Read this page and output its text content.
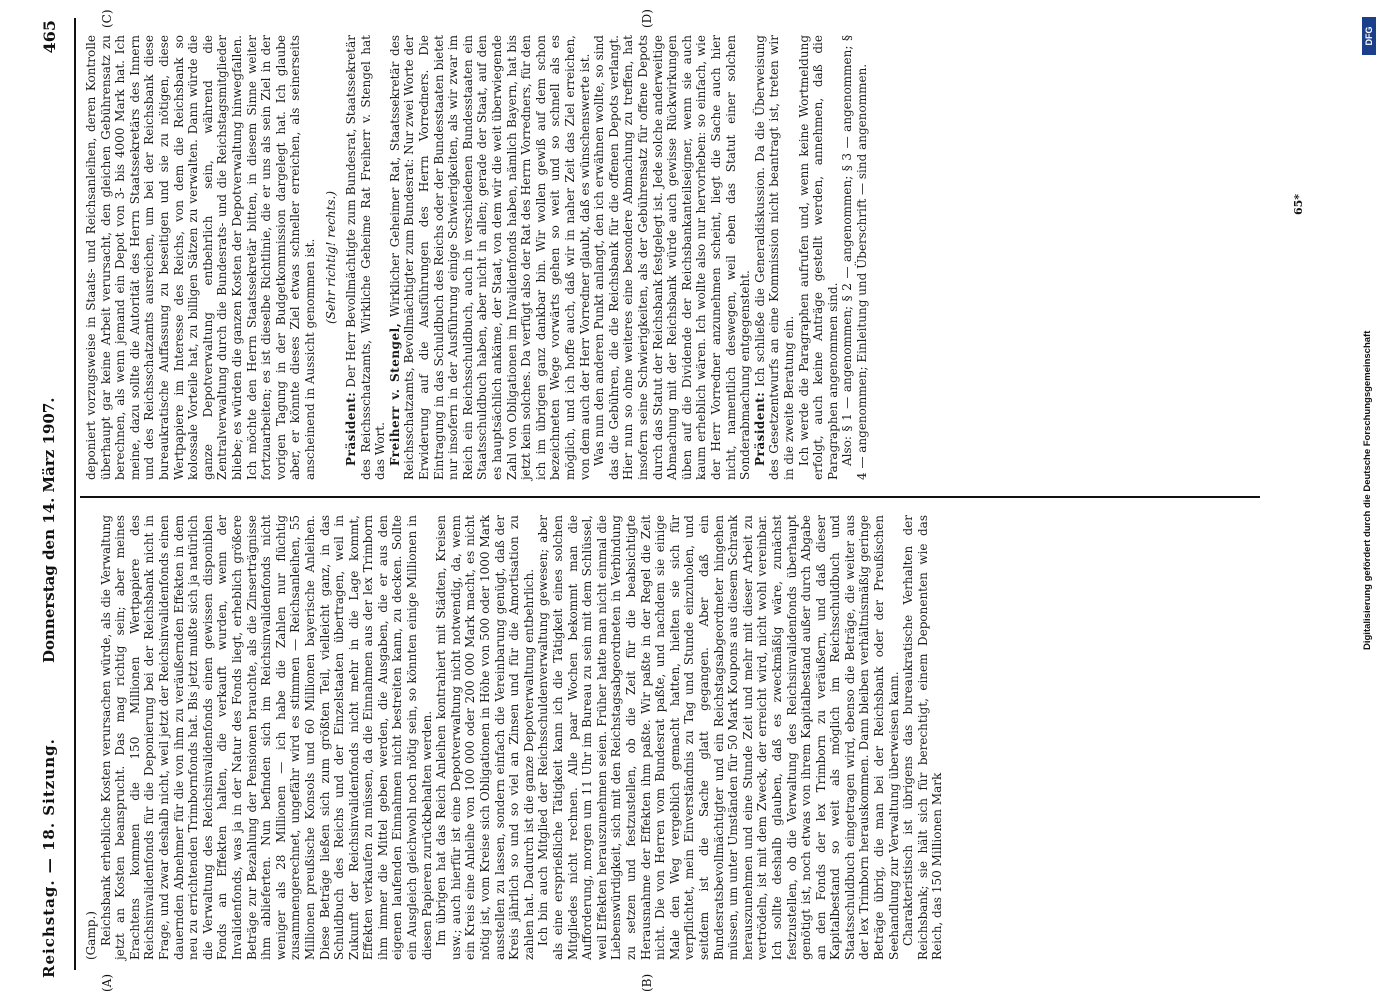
Reichstag. — 18. Sitzung.
Donnerstag den 14. März 1907.
465
(A)	(B)
(C)	(D)

(Gamp.) Reichsbank erhebliche Kosten verursachen würde, als die Verwaltung jetzt an Kosten beansprucht. Das mag richtig sein; aber meines Erachtens kommen die 150 Millionen Wertpapiere des Reichsinvalidenfonds für die Deponierung bei der Reichsbank nicht in Frage, und zwar deshalb nicht, weil jetzt der Reichsinvalidenfonds einen dauernden Abnehmer für die von ihm zu veräußernden Effekten in dem neu zu errichtenden Trimbornfonds hat. Bis jetzt mußte sich ja natürlich die Verwaltung des Reichsinvalidenfonds einen gewissen disponiblen Fonds an Effekten halten, die verkauft wurden, wenn der Invalidenfonds, was ja in der Natur des Fonds liegt, erheblich größere Beträge zur Bezahlung der Pensionen brauchte, als die Zinserträgnisse ihm ablieferten. Nun befinden sich im Reichsinvalidenfonds nicht weniger als 28 Millionen — ich habe die Zahlen nur flüchtig zusammengerechnet, ungefähr wird es stimmen — Reichsanleihen, 55 Millionen preußische Konsols und 60 Millionen bayerische Anleihen. Diese Beträge ließen sich zum größten Teil, vielleicht ganz, in das Schuldbuch des Reichs und der Einzelstaaten übertragen, weil in Zukunft der Reichsinvalidenfonds nicht mehr in die Lage kommt, Effekten verkaufen zu müssen, da die Einnahmen aus der lex Trimborn ihm immer die Mittel geben werden, die Ausgaben, die er aus den eigenen laufenden Einnahmen nicht bestreiten kann, zu decken. Sollte ein Ausgleich gleichwohl noch nötig sein, so könnten einige Millionen in diesen Papieren zurückbehalten werden. Im übrigen hat das Reich Anleihen kontrahiert mit Städten, Kreisen usw.; auch hierfür ist eine Depotverwaltung nicht notwendig, da, wenn ein Kreis eine Anleihe von 100 000 oder 200 000 Mark macht, es nicht nötig ist, vom Kreise sich Obligationen in Höhe von 500 oder 1000 Mark ausstellen zu lassen, sondern einfach die Vereinbarung genügt, daß der Kreis jährlich so und so viel an Zinsen und für die Amortisation zu zahlen hat. Dadurch ist die ganze Depotverwaltung entbehrlich. Ich bin auch Mitglied der Reichsschuldenverwaltung gewesen; aber als eine ersprießliche Tätigkeit kann ich die Tätigkeit eines solchen Mitgliedes nicht rechnen. Alle paar Wochen bekommt man die Aufforderung, morgen um 11 Uhr im Bureau zu sein mit dem Schlüssel, weil Effekten herauszunehmen seien. Früher hatte man nicht einmal die Liebenswürdigkeit, sich mit den Reichstagsabgeordneten in Verbindung zu setzen und festzustellen, ob die Zeit für die beabsichtigte Herausnahme der Effekten ihm paßte. Wir paßte in der Regel die Zeit nicht. Die von Herren vom Bundesrat paßte, und nachdem sie einige Male den Weg vergeblich gemacht hatten, hielten sie sich für verpflichtet, mein Einverständnis zu Tag und Stunde einzuholen, und seitdem ist die Sache glatt gegangen. Aber daß ein Bundesratsbevollmächtigter und ein Reichstagsabgeordneter hingehen müssen, um unter Umständen für 50 Mark Koupons aus diesem Schrank herauszunehmen und eine Stunde Zeit und mehr mit dieser Arbeit zu vertrödeln, ist mit dem Zweck, der erreicht wird, nicht wohl vereinbar. Ich sollte deshalb glauben, daß es zweckmäßig wäre, zunächst festzustellen, ob die Verwaltung des Reichsinvalidenfonds überhaupt genötigt ist, noch etwas von ihrem Kapitalbestand außer durch Abgabe an den Fonds der lex Trimborn zu veräußern, und daß dieser Kapitalbestand so weit als möglich im Reichsschuldbuch und Staatsschuldbuch eingetragen wird, ebenso die Beträge, die weiter aus der lex Trimborn herauskommen. Dann bleiben verhältnismäßig geringe Beträge übrig, die man bei der Reichsbank oder der Preußischen Seehandlung zur Verwaltung überweisen kann. Charakteristisch ist übrigens das bureaukratische Verhalten der Reichsbank; sie hält sich für berechtigt, einem Deponenten wie das Reich, das 150 Millionen Mark

deponiert vorzugsweise in Staats- und Reichsanleihen, deren Kontrolle überhaupt gar keine Arbeit verursacht, den gleichen Gebührensatz zu berechnen, als wenn jemand ein Depot von 3- bis 4000 Mark hat. Ich meine, dazu sollte die Autorität des Herrn Staatssekretärs des Innern und des Reichsschatzamts ausreichen, um bei der Reichsbank diese bureaukratische Auffassung zu beseitigen und sie zu nötigen, diese Wertpapiere im Interesse des Reichs, von dem die Reichsbank so kolossale Vorteile hat, zu billigen Sätzen zu verwalten. Dann würde die ganze Depotverwaltung entbehrlich sein, während die Zentralverwaltung durch die Bundesrats- und die Reichstagsmitglieder bliebe; es würden die ganzen Kosten der Depotverwaltung hinwegfallen. Ich möchte den Herrn Staatssekretär bitten, in diesem Sinne weiter fortzuarbeiten; es ist dieselbe Richtlinie, die er uns als sein Ziel in der vorigen Tagung in der Budgetkommission dargelegt hat. Ich glaube aber, er könnte dieses Ziel etwas schneller erreichen, als seinerseits anscheinend in Aussicht genommen ist. (Sehr richtig! rechts.)

Präsident: Der Herr Bevollmächtigte zum Bundesrat, Staatssekretär des Reichsschatzamts, Wirkliche Geheime Rat Freiherr v. Stengel hat das Wort. Freiherr v. Stengel, Wirklicher Geheimer Rat, Staatssekretär des Reichsschatzamts, Bevollmächtigter zum Bundesrat: Nur zwei Worte der Erwiderung auf die Ausführungen des Herrn Vorredners. Die Eintragung in das Schuldbuch des Reichs oder der Bundesstaaten bietet nur insofern in der Ausführung einige Schwierigkeiten, als wir zwar im Reich ein Reichsschuldbuch, auch in verschiedenen Bundesstaaten ein Staatsschuldbuch haben, aber nicht in allen; gerade der Staat, auf den es hauptsächlich ankäme, der Staat, von dem wir die weit überwiegende Zahl von Obligationen im Invalidenfonds haben, nämlich Bayern, hat bis jetzt kein solches. Da verfügt also der Rat des Herrn Vorredners, für den ich im übrigen ganz dankbar bin. Wir wollen gewiß auf dem schon bezeichneten Wege vorwärts gehen so weit und so schnell als es möglich, und ich hoffe auch, daß wir in naher Zeit das Ziel erreichen, von dem auch der Herr Vorredner glaubt, daß es wünschenswerte ist. Was nun den anderen Punkt anlangt, den ich erwähnen wollte, so sind das die Gebühren, die die Reichsbank für die offenen Depots verlangt. Hier nun so ohne weiteres eine besondere Abmachung zu treffen, hat insofern seine Schwierigkeiten, als der Gebührensatz für offene Depots durch das Statut der Reichsbank festgelegt ist. Jede solche anderweitige Abmachung mit der Reichsbank würde auch gewisse Rückwirkungen üben auf die Dividende der Reichsbankanteilseigner, wenn sie auch kaum erheblich wären. Ich wollte also nur hervorheben: so einfach, wie der Herr Vorredner anzunehmen scheint, liegt die Sache auch hier nicht, namentlich deswegen, weil eben das Statut einer solchen Sonderabmachung entgegensteht. Präsident: Ich schließe die Generaldiskussion. Da die Überweisung des Gesetzentwurfs an eine Kommission nicht beantragt ist, treten wir in die zweite Beratung ein. Ich werde die Paragraphen aufrufen und, wenn keine Wortmeldung erfolgt, auch keine Anträge gestellt werden, annehmen, daß die Paragraphen angenommen sind. Also: § 1 — angenommen; § 2 — angenommen; § 3 — angenommen; § 4 — angenommen; Einleitung und Überschrift — sind angenommen.	65*
Digitalisierung gefördert durch die Deutsche Forschungsgemeinschaft
DFG
